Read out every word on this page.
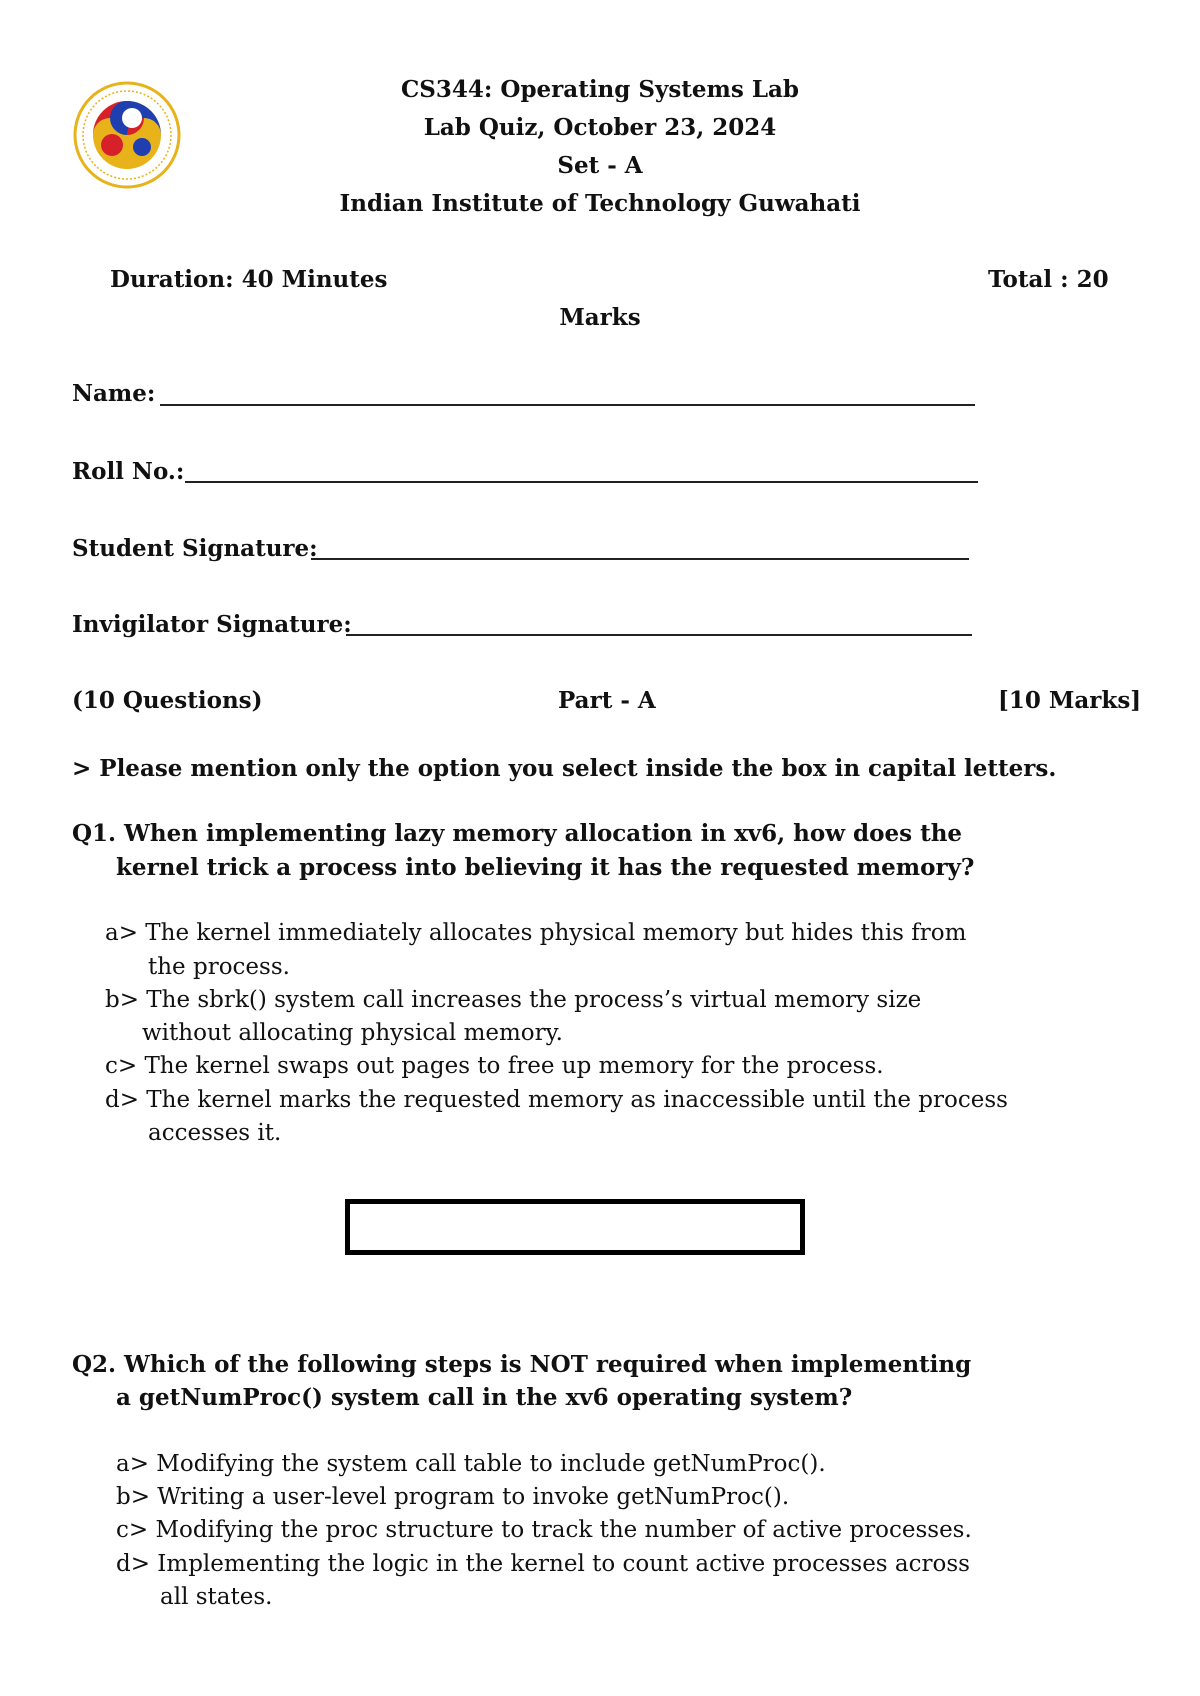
CS344: Operating Systems Lab
Lab Quiz, October 23, 2024
Set - A
Indian Institute of Technology Guwahati
Duration: 40 Minutes	Total : 20
Marks
Name:
Roll No.:
Student Signature:
Invigilator Signature:
(10 Questions)	Part - A	[10 Marks]
> Please mention only the option you select inside the box in capital letters.
Q1. When implementing lazy memory allocation in xv6, how does the
kernel trick a process into believing it has the requested memory?
a> The kernel immediately allocates physical memory but hides this from
the process.
b> The sbrk() system call increases the process’s virtual memory size
without allocating physical memory.
c> The kernel swaps out pages to free up memory for the process.
d> The kernel marks the requested memory as inaccessible until the process
accesses it.
Q2. Which of the following steps is NOT required when implementing
a getNumProc() system call in the xv6 operating system?
a> Modifying the system call table to include getNumProc().
b> Writing a user-level program to invoke getNumProc().
c> Modifying the proc structure to track the number of active processes.
d> Implementing the logic in the kernel to count active processes across
all states.
